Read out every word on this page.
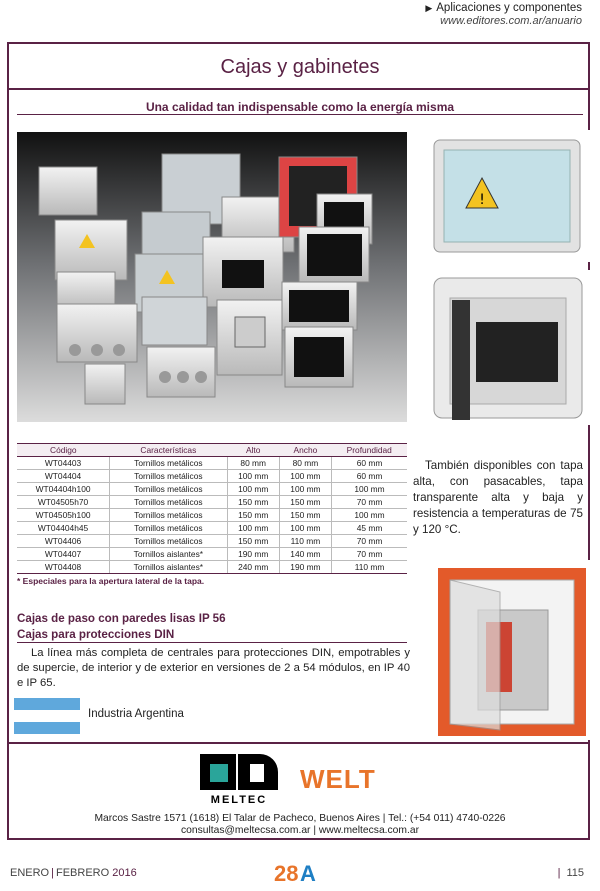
▶ Aplicaciones y componentes
www.editores.com.ar/anuario
Cajas y gabinetes
Una calidad tan indispensable como la energía misma
!
Código	Características	Alto	Ancho	Profundidad
WT04403	Tornillos metálicos	80 mm	80 mm	60 mm
WT04404	Tornillos metálicos	100 mm	100 mm	60 mm
WT04404h100	Tornillos metálicos	100 mm	100 mm	100 mm
WT04505h70	Tornillos metálicos	150 mm	150 mm	70 mm
WT04505h100	Tornillos metálicos	150 mm	150 mm	100 mm
WT04404h45	Tornillos metálicos	100 mm	100 mm	45 mm
WT04406	Tornillos metálicos	150 mm	110 mm	70 mm
WT04407	Tornillos aislantes*	190 mm	140 mm	70 mm
WT04408	Tornillos aislantes*	240 mm	190 mm	110 mm
* Especiales para la apertura lateral de la tapa.

También disponibles con tapa alta, con pasacables, tapa transparente alta y baja y resistencia a temperaturas de 75 y 120 °C.

Cajas de paso con paredes lisas IP 56
Cajas para protecciones DIN

La línea más completa de centrales para protecciones DIN, empotrables y de supercie, de interior y de exterior en versiones de 2 a 54 módulos, en IP 40 e IP 65.

Industria Argentina
MELTEC
WELT
Marcos Sastre 1571 (1618) El Talar de Pacheco, Buenos Aires | Tel.: (+54 011) 4740-0226
consultas@meltecsa.com.ar | www.meltecsa.com.ar
ENERO | FEBRERO 2016	28 A	| 115
